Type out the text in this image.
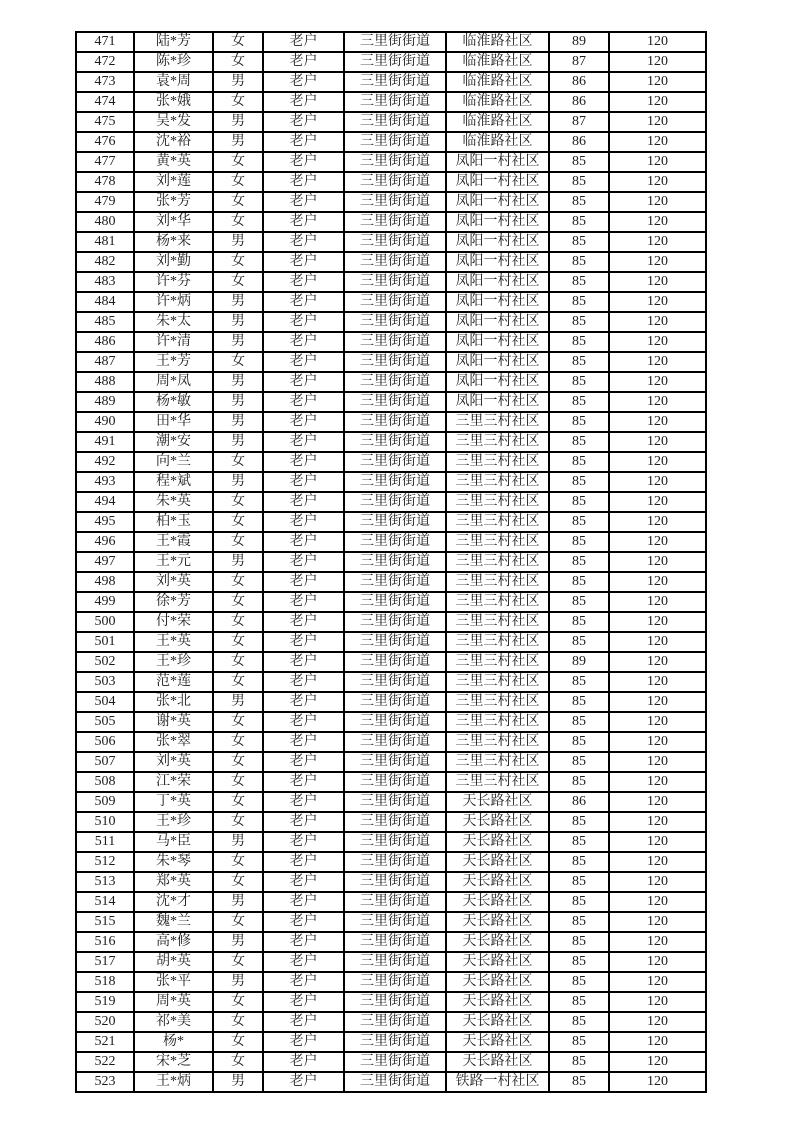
471	陆*芳	女	老户	三里街街道	临淮路社区	89	120
472	陈*珍	女	老户	三里街街道	临淮路社区	87	120
473	袁*周	男	老户	三里街街道	临淮路社区	86	120
474	张*娥	女	老户	三里街街道	临淮路社区	86	120
475	吴*发	男	老户	三里街街道	临淮路社区	87	120
476	沈*裕	男	老户	三里街街道	临淮路社区	86	120
477	黄*英	女	老户	三里街街道	凤阳一村社区	85	120
478	刘*莲	女	老户	三里街街道	凤阳一村社区	85	120
479	张*芳	女	老户	三里街街道	凤阳一村社区	85	120
480	刘*华	女	老户	三里街街道	凤阳一村社区	85	120
481	杨*来	男	老户	三里街街道	凤阳一村社区	85	120
482	刘*勤	女	老户	三里街街道	凤阳一村社区	85	120
483	许*芬	女	老户	三里街街道	凤阳一村社区	85	120
484	许*炳	男	老户	三里街街道	凤阳一村社区	85	120
485	朱*太	男	老户	三里街街道	凤阳一村社区	85	120
486	许*清	男	老户	三里街街道	凤阳一村社区	85	120
487	王*芳	女	老户	三里街街道	凤阳一村社区	85	120
488	周*凤	男	老户	三里街街道	凤阳一村社区	85	120
489	杨*敏	男	老户	三里街街道	凤阳一村社区	85	120
490	田*华	男	老户	三里街街道	三里三村社区	85	120
491	潮*安	男	老户	三里街街道	三里三村社区	85	120
492	向*兰	女	老户	三里街街道	三里三村社区	85	120
493	程*斌	男	老户	三里街街道	三里三村社区	85	120
494	朱*英	女	老户	三里街街道	三里三村社区	85	120
495	柏*玉	女	老户	三里街街道	三里三村社区	85	120
496	王*霞	女	老户	三里街街道	三里三村社区	85	120
497	王*元	男	老户	三里街街道	三里三村社区	85	120
498	刘*英	女	老户	三里街街道	三里三村社区	85	120
499	徐*芳	女	老户	三里街街道	三里三村社区	85	120
500	付*荣	女	老户	三里街街道	三里三村社区	85	120
501	王*英	女	老户	三里街街道	三里三村社区	85	120
502	王*珍	女	老户	三里街街道	三里三村社区	89	120
503	范*莲	女	老户	三里街街道	三里三村社区	85	120
504	张*北	男	老户	三里街街道	三里三村社区	85	120
505	谢*英	女	老户	三里街街道	三里三村社区	85	120
506	张*翠	女	老户	三里街街道	三里三村社区	85	120
507	刘*英	女	老户	三里街街道	三里三村社区	85	120
508	江*荣	女	老户	三里街街道	三里三村社区	85	120
509	丁*英	女	老户	三里街街道	天长路社区	86	120
510	王*珍	女	老户	三里街街道	天长路社区	85	120
511	马*臣	男	老户	三里街街道	天长路社区	85	120
512	朱*琴	女	老户	三里街街道	天长路社区	85	120
513	郑*英	女	老户	三里街街道	天长路社区	85	120
514	沈*才	男	老户	三里街街道	天长路社区	85	120
515	魏*兰	女	老户	三里街街道	天长路社区	85	120
516	高*修	男	老户	三里街街道	天长路社区	85	120
517	胡*英	女	老户	三里街街道	天长路社区	85	120
518	张*平	男	老户	三里街街道	天长路社区	85	120
519	周*英	女	老户	三里街街道	天长路社区	85	120
520	祁*美	女	老户	三里街街道	天长路社区	85	120
521	杨*	女	老户	三里街街道	天长路社区	85	120
522	宋*芝	女	老户	三里街街道	天长路社区	85	120
523	王*炳	男	老户	三里街街道	铁路一村社区	85	120
